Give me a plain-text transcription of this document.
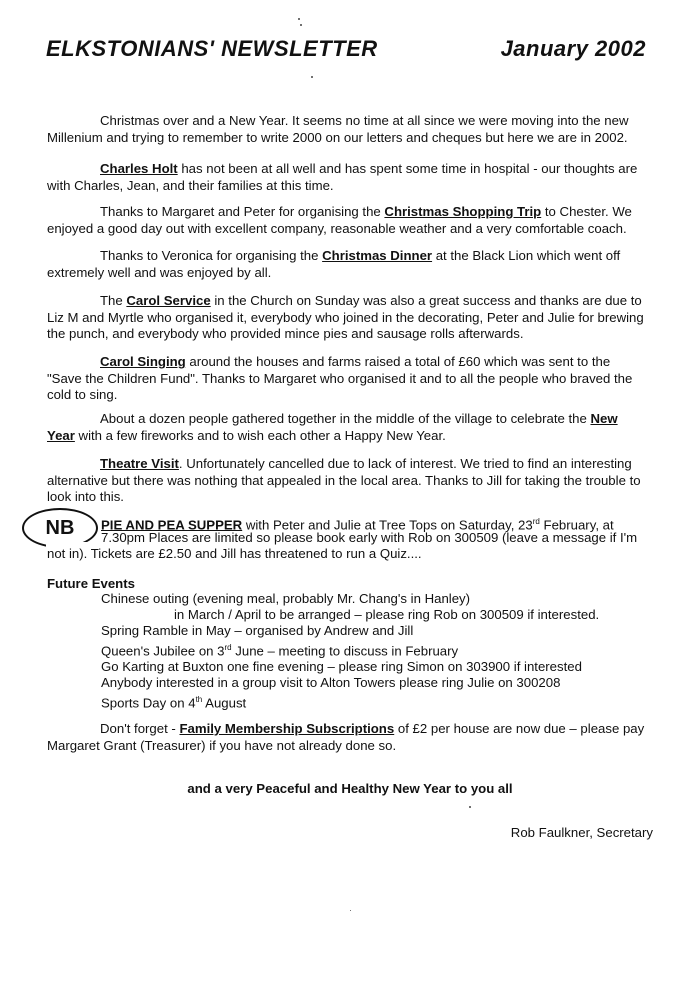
ELKSTONIANS' NEWSLETTER	January 2002
Christmas over and a New Year. It seems no time at all since we were moving into the new Millenium and trying to remember to write 2000 on our letters and cheques but here we are in 2002.
Charles Holt has not been at all well and has spent some time in hospital - our thoughts are with Charles, Jean, and their families at this time.
Thanks to Margaret and Peter for organising the Christmas Shopping Trip to Chester. We enjoyed a good day out with excellent company, reasonable weather and a very comfortable coach.
Thanks to Veronica for organising the Christmas Dinner at the Black Lion which went off extremely well and was enjoyed by all.
The Carol Service in the Church on Sunday was also a great success and thanks are due to Liz M and Myrtle who organised it, everybody who joined in the decorating, Peter and Julie for brewing the punch, and everybody who provided mince pies and sausage rolls afterwards.
Carol Singing around the houses and farms raised a total of £60 which was sent to the "Save the Children Fund". Thanks to Margaret who organised it and to all the people who braved the cold to sing.
About a dozen people gathered together in the middle of the village to celebrate the New Year with a few fireworks and to wish each other a Happy New Year.
Theatre Visit. Unfortunately cancelled due to lack of interest. We tried to find an interesting alternative but there was nothing that appealed in the local area. Thanks to Jill for taking the trouble to look into this.
NB	PIE AND PEA SUPPER with Peter and Julie at Tree Tops on Saturday, 23rd February, at
7.30pm Places are limited so please book early with Rob on 300509 (leave a message if I'm
not in). Tickets are £2.50 and Jill has threatened to run a Quiz....
Future Events
Chinese outing (evening meal, probably Mr. Chang's in Hanley)
in March / April to be arranged – please ring Rob on 300509 if interested.
Spring Ramble in May – organised by Andrew and Jill
Queen's Jubilee on 3rd June – meeting to discuss in February
Go Karting at Buxton one fine evening – please ring Simon on 303900 if interested
Anybody interested in a group visit to Alton Towers please ring Julie on 300208
Sports Day on 4th August
Don't forget - Family Membership Subscriptions of £2 per house are now due – please pay Margaret Grant (Treasurer) if you have not already done so.
and a very Peaceful and Healthy New Year to you all
Rob Faulkner, Secretary
